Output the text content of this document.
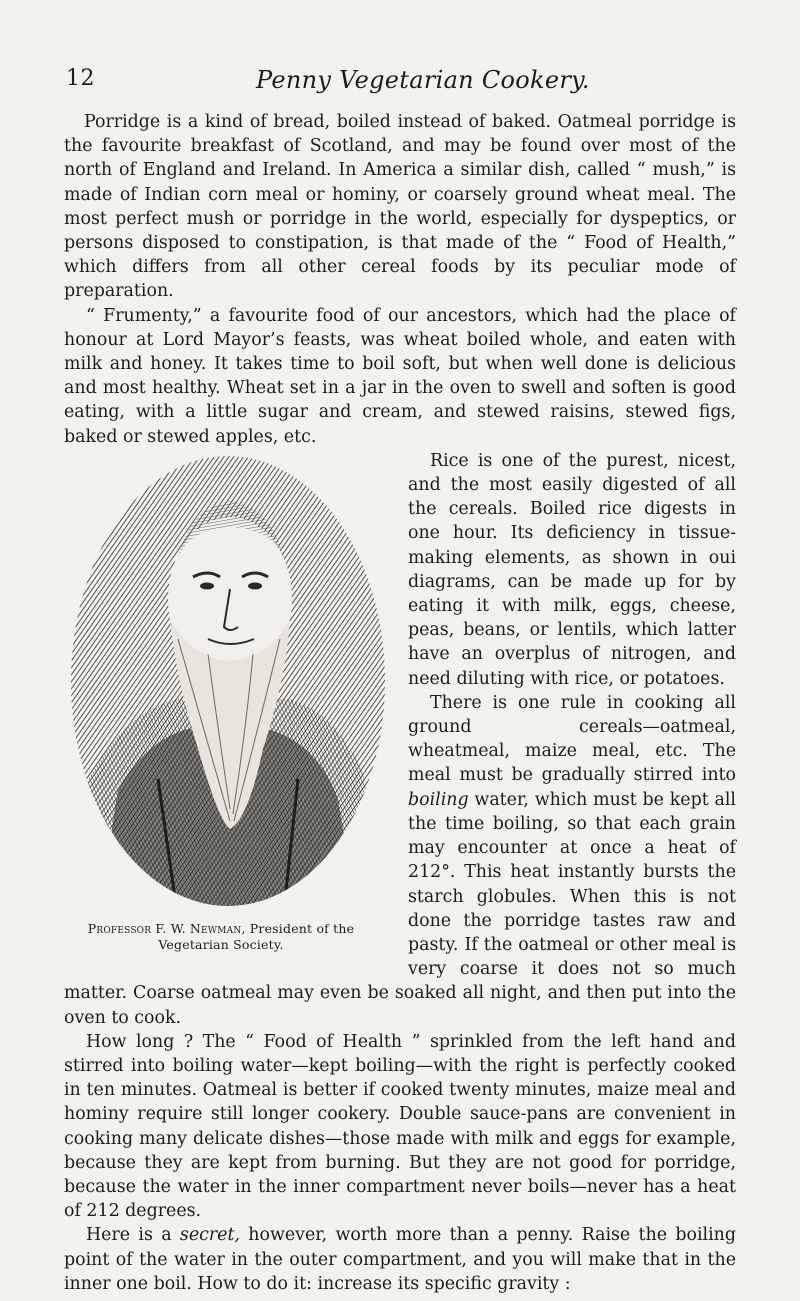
12	Penny Vegetarian Cookery.

Porridge is a kind of bread, boiled instead of baked. Oatmeal porridge is the favourite breakfast of Scotland, and may be found over most of the north of England and Ireland. In America a similar dish, called “ mush,” is made of Indian corn meal or hominy, or coarsely ground wheat meal. The most perfect mush or porridge in the world, especially for dyspeptics, or persons disposed to constipation, is that made of the “ Food of Health,” which differs from all other cereal foods by its peculiar mode of preparation.

“ Frumenty,” a favourite food of our ancestors, which had the place of honour at Lord Mayor’s feasts, was wheat boiled whole, and eaten with milk and honey. It takes time to boil soft, but when well done is delicious and most healthy. Wheat set in a jar in the oven to swell and soften is good eating, with a little sugar and cream, and stewed raisins, stewed figs, baked or stewed apples, etc.

Professor F. W. Newman, President of the Vegetarian Society.

Rice is one of the purest, nicest, and the most easily digested of all the cereals. Boiled rice digests in one hour. Its deficiency in tissue-making elements, as shown in oui diagrams, can be made up for by eating it with milk, eggs, cheese, peas, beans, or lentils, which latter have an overplus of nitrogen, and need diluting with rice, or potatoes.

There is one rule in cooking all ground cereals—oatmeal, wheatmeal, maize meal, etc. The meal must be gradually stirred into boiling water, which must be kept all the time boiling, so that each grain may encounter at once a heat of 212°. This heat instantly bursts the starch globules. When this is not done the porridge tastes raw and pasty. If the oatmeal or other meal is very coarse it does not so much matter. Coarse oatmeal may even be soaked all night, and then put into the oven to cook.

How long ? The “ Food of Health ” sprinkled from the left hand and stirred into boiling water—kept boiling—with the right is perfectly cooked in ten minutes. Oatmeal is better if cooked twenty minutes, maize meal and hominy require still longer cookery. Double sauce-pans are convenient in cooking many delicate dishes—those made with milk and eggs for example, because they are kept from burning. But they are not good for porridge, because the water in the inner compartment never boils—never has a heat of 212 degrees.

Here is a secret, however, worth more than a penny. Raise the boiling point of the water in the outer compartment, and you will make that in the inner one boil. How to do it: increase its specific gravity :
